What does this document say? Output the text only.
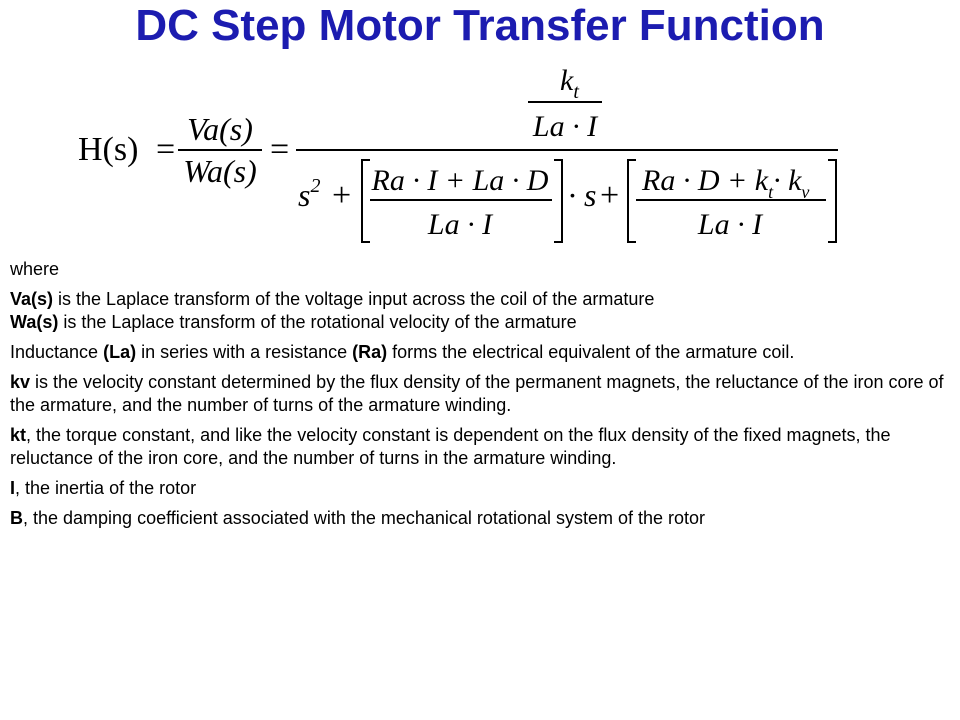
DC Step Motor Transfer Function
H(s) =
Va(s)
Wa(s)
=
$k_t$
La · I
$s^2 + Ra \cdot I + La \cdot D$
La · I
· $s + Ra \cdot D + k_t\cdot k_v$
La · I

where

Va(s) is the Laplace transform of the voltage input across the coil of the armature

Wa(s) is the Laplace transform of the rotational velocity of the armature

Inductance (La) in series with a resistance (Ra) forms the electrical equivalent of the armature coil.

kv is the velocity constant determined by the flux density of the permanent magnets, the reluctance of the iron core of the armature, and the number of turns of the armature winding.

kt, the torque constant, and like the velocity constant is dependent on the flux density of the fixed magnets, the reluctance of the iron core, and the number of turns in the armature winding.

I, the inertia of the rotor

B, the damping coefficient associated with the mechanical rotational system of the rotor
